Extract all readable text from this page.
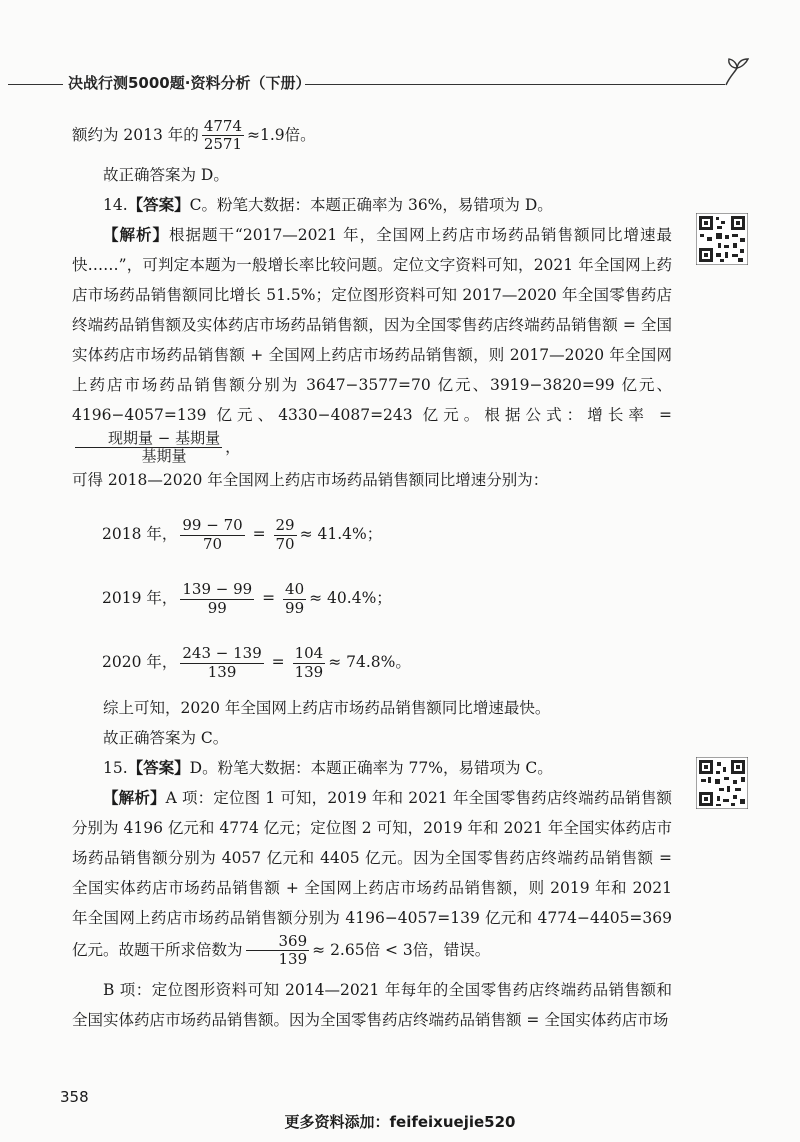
决战行测5000题·资料分析（下册）

额约为 2013 年的 $\frac{4774}{2571} \approx 1.9$倍。

故正确答案为 D。

14.【答案】C。粉笔大数据：本题正确率为 36%，易错项为 D。

【解析】根据题干“2017—2021 年，全国网上药店市场药品销售额同比增速最快……”，可判定本题为一般增长率比较问题。定位文字资料可知，2021 年全国网上药店市场药品销售额同比增长 51.5%；定位图形资料可知 2017—2020 年全国零售药店终端药品销售额及实体药店市场药品销售额，因为全国零售药店终端药品销售额 = 全国实体药店市场药品销售额 + 全国网上药店市场药品销售额，则 2017—2020 年全国网上药店市场药品销售额分别为 3647−3577=70 亿元、3919−3820=99 亿元、4196−4057=139 亿元、4330−4087=243 亿元。根据公式：增长率 =
$\frac{\text{现期量 − 基期量}}{\text{基期量}}$ ，

可得 2018—2020 年全国网上药店市场药品销售额同比增速分别为：

2018 年， $\frac{99 - 70}{70} = \frac{29}{70} \approx 41.4\%$；
2019 年， $\frac{139 - 99}{99} = \frac{40}{99} \approx 40.4\%$；
2020 年， $\frac{243 - 139}{139} = \frac{104}{139} \approx 74.8\%$。

综上可知，2020 年全国网上药店市场药品销售额同比增速最快。

故正确答案为 C。

15.【答案】D。粉笔大数据：本题正确率为 77%，易错项为 C。

【解析】A 项：定位图 1 可知，2019 年和 2021 年全国零售药店终端药品销售额分别为 4196 亿元和 4774 亿元；定位图 2 可知，2019 年和 2021 年全国实体药店市场药品销售额分别为 4057 亿元和 4405 亿元。因为全国零售药店终端药品销售额 = 全国实体药店市场药品销售额 + 全国网上药店市场药品销售额，则 2019 年和 2021 年全国网上药店市场药品销售额分别为 4196−4057=139 亿元和 4774−4405=369 亿元。故题干所求倍数为 $\frac{369}{139} \approx 2.65$倍 < 3倍，错误。

B 项：定位图形资料可知 2014—2021 年每年的全国零售药店终端药品销售额和全国实体药店市场药品销售额。因为全国零售药店终端药品销售额 = 全国实体药店市场

358
更多资料添加：feifeixuejie520
